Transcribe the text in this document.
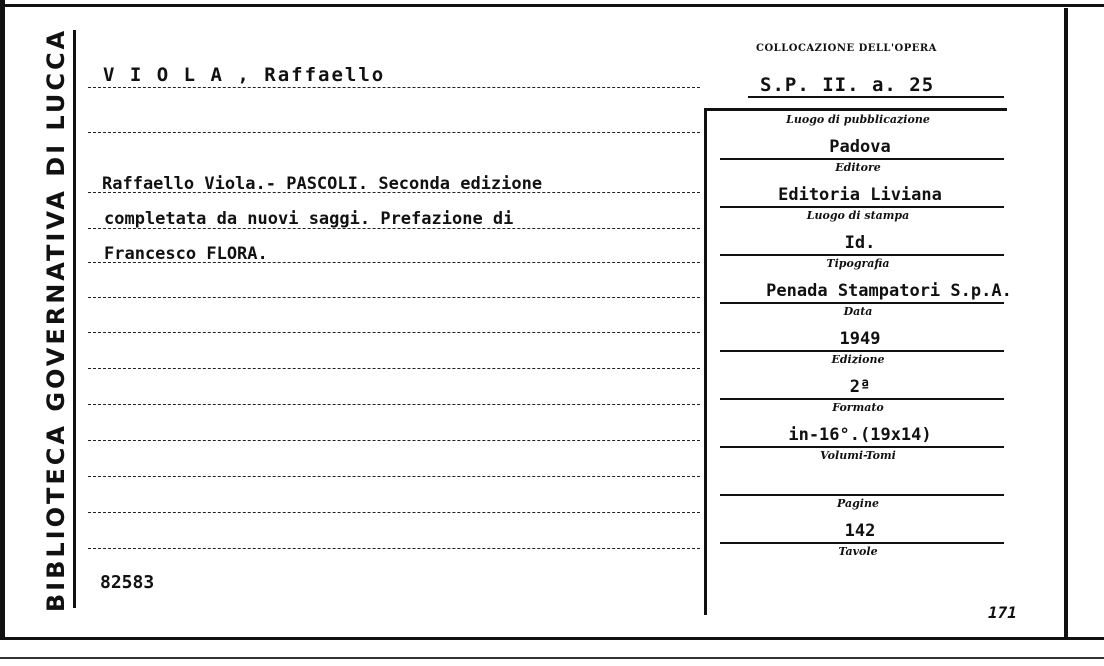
BIBLIOTECA GOVERNATIVA DI LUCCA V I O L A , Raffaello
Raffaello Viola.- PASCOLI. Seconda edizione
completata da nuovi saggi. Prefazione di
Francesco FLORA.
82583
COLLOCAZIONE DELL'OPERA
S.P. II. a. 25
Luogo di pubblicazione
Padova
Editore
Editoria Liviana
Luogo di stampa
Id.
Tipografia
Penada Stampatori S.p.A.
Data
1949
Edizione
2ª
Formato
in-16°.(19x14)
Volumi-Tomi
Pagine
142
Tavole
171
